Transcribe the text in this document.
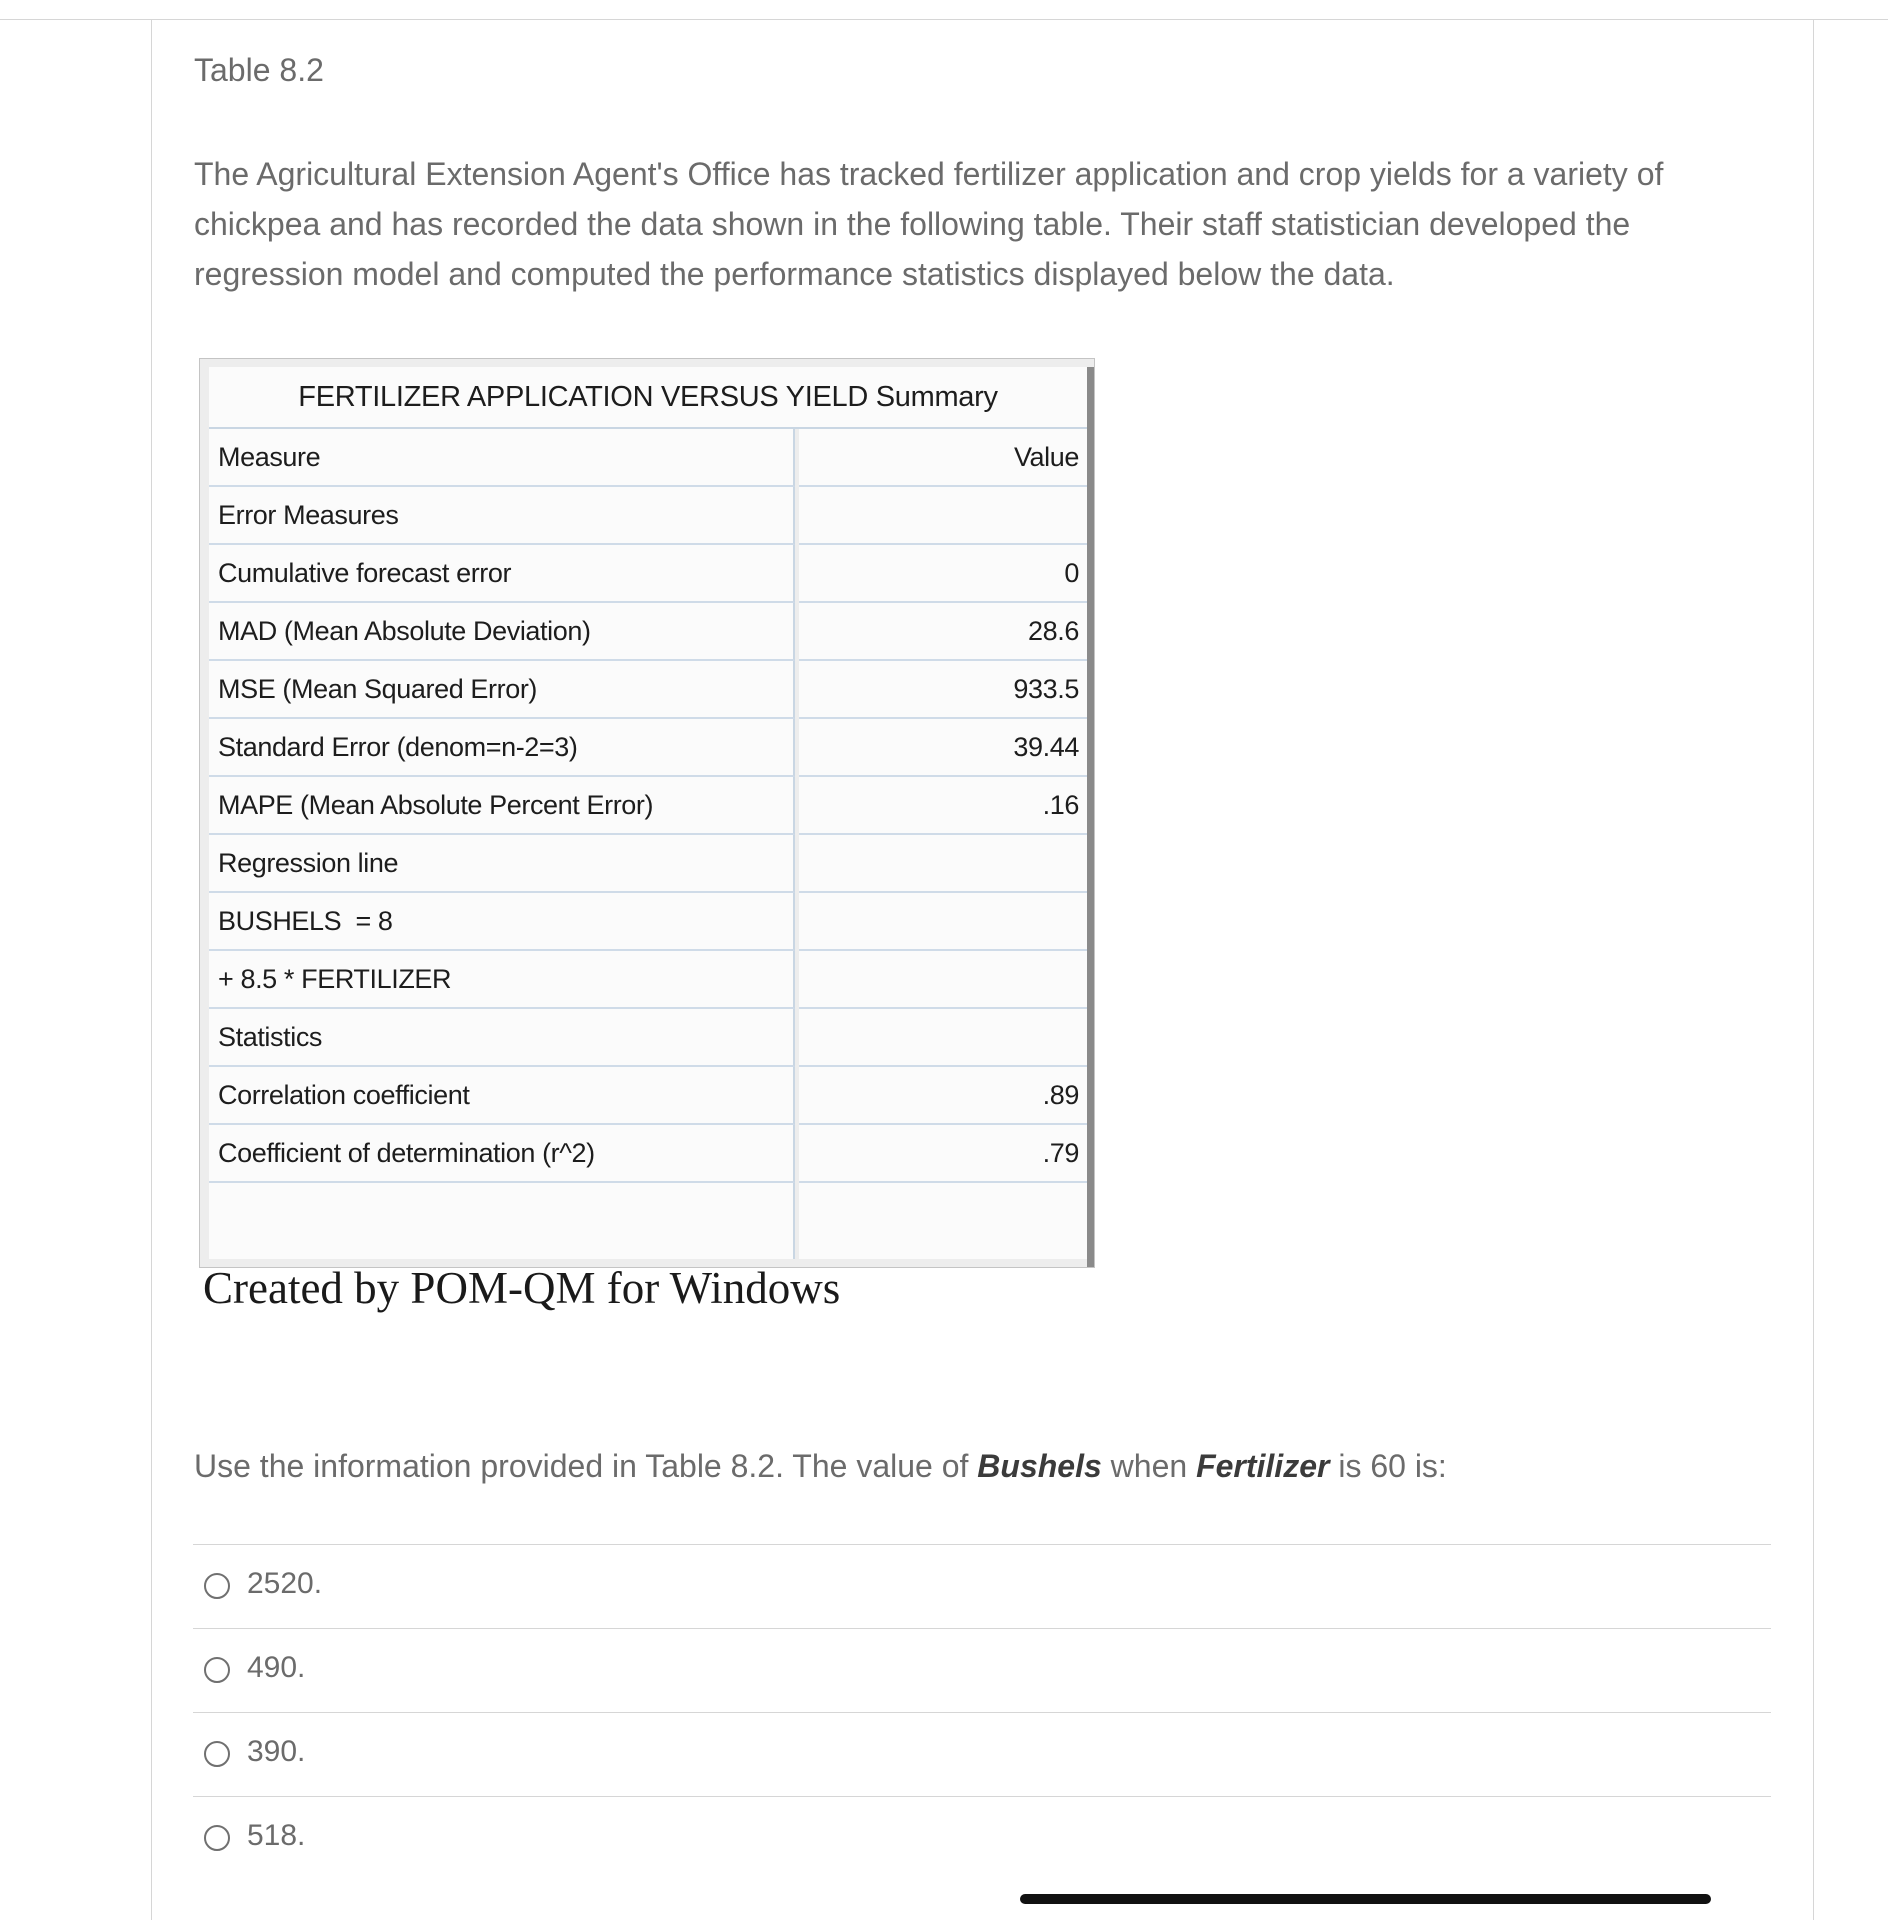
Table 8.2

The Agricultural Extension Agent's Office has tracked fertilizer application and crop yields for a variety of chickpea and has recorded the data shown in the following table. Their staff statistician developed the regression model and computed the performance statistics displayed below the data.

FERTILIZER APPLICATION VERSUS YIELD Summary
Measure	Value
Error Measures
Cumulative forecast error	0
MAD (Mean Absolute Deviation)	28.6
MSE (Mean Squared Error)	933.5
Standard Error (denom=n-2=3)	39.44
MAPE (Mean Absolute Percent Error)	.16
Regression line
BUSHELS  = 8
+ 8.5 * FERTILIZER
Statistics
Correlation coefficient	.89
Coefficient of determination (r^2)	.79
Created by POM-QM for Windows
Use the information provided in Table 8.2. The value of Bushels when Fertilizer is 60 is:
2520.
490.
390.
518.
